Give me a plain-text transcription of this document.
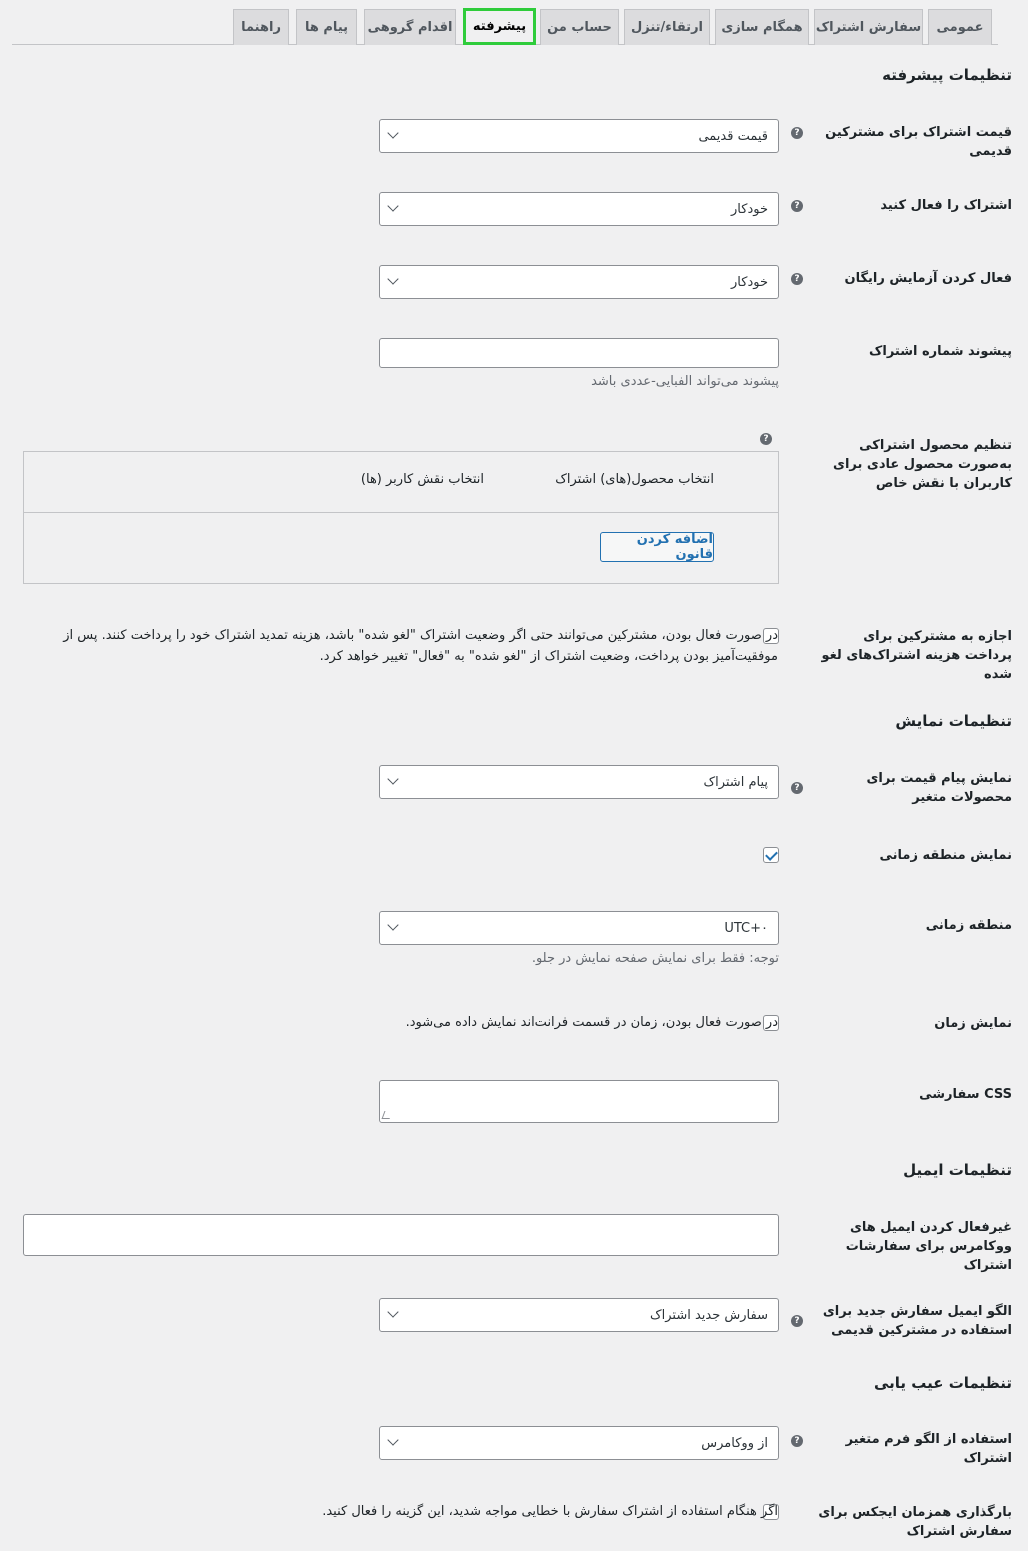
عمومی
سفارش اشتراک
همگام سازی
ارتقاء/تنزل
حساب من
پیشرفته
اقدام گروهی
پیام ها
راهنما
تنظیمات پیشرفته
قیمت اشتراک برای مشترکین قدیمی
?
قیمت قدیمی
اشتراک را فعال کنید
?
خودکار
فعال کردن آزمایش رایگان
?
خودکار
پیشوند شماره اشتراک
پیشوند می‌تواند الفبایی-عددی باشد
تنظیم محصول اشتراکی به‌صورت محصول عادی برای کاربران با نقش خاص
?
انتخاب محصول(های) اشتراک
انتخاب نقش کاربر (ها)
اضافه کردن قانون
اجازه به مشترکین برای پرداخت هزینه اشتراک‌های لغو شده
در صورت فعال بودن، مشترکین می‌توانند حتی اگر وضعیت اشتراک "لغو شده" باشد، هزینه تمدید اشتراک خود را پرداخت کنند. پس از
موفقیت‌آمیز بودن پرداخت، وضعیت اشتراک از "لغو شده" به "فعال" تغییر خواهد کرد.
تنظیمات نمایش
نمایش پیام قیمت برای محصولات متغیر
?
پیام اشتراک
نمایش منطقه زمانی
منطقه زمانی
UTC+۰
توجه: فقط برای نمایش صفحه نمایش در جلو.
نمایش زمان
در صورت فعال بودن، زمان در قسمت فرانت‌اند نمایش داده می‌شود.
CSS سفارشی
تنظیمات ایمیل
غیرفعال کردن ایمیل های ووکامرس برای سفارشات اشتراک
الگو ایمیل سفارش جدید برای استفاده در مشترکین قدیمی
?
سفارش جدید اشتراک
تنظیمات عیب یابی
استفاده از الگو فرم متغیر اشتراک
?
از ووکامرس
بارگذاری همزمان ایجکس برای سفارش اشتراک
اگر هنگام استفاده از اشتراک سفارش با خطایی مواجه شدید، این گزینه را فعال کنید.
